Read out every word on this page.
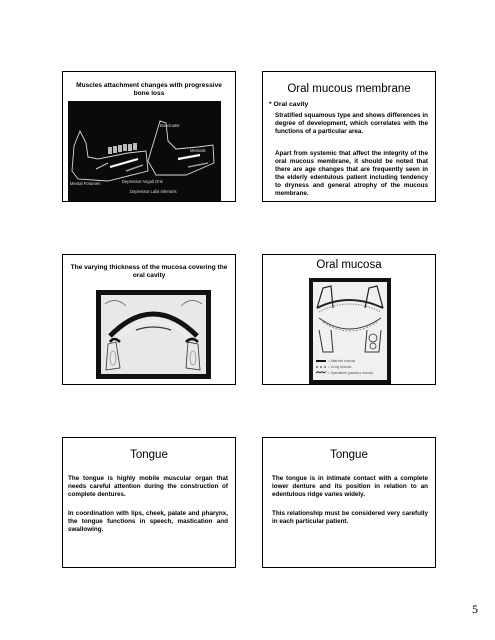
Muscles attachment changes with progressive bone loss
Buccinator
Mentalis
Mental Foramen	Depressor Anguli Oris
Depressor Labii Inferioris
Oral mucous membrane
* Oral cavity
Stratified squamous type and shows differences in degree of development, which correlates with the functions of a particular area.
Apart from systemic that affect the integrity of the oral mucous membrane, it should be noted that there are age changes that are frequently seen in the elderly edentulous patient including tendency to dryness and general atrophy of the mucous membrane.
The varying thickness of the mucosa covering the oral cavity
Oral mucosa
= Attached mucosa
= Lining Mucosa
= Specialized gustatory mucosa
Tongue
The tongue is highly mobile muscular organ that needs careful attention during the construction of complete dentures.
In coordination with lips, cheek, palate and pharynx, the tongue functions in speech, mastication and swallowing.
Tongue
The tongue is in intimate contact with a complete lower denture and its position in relation to an edentulous ridge varies widely.
This relationship must be considered very carefully in each particular patient.
5
